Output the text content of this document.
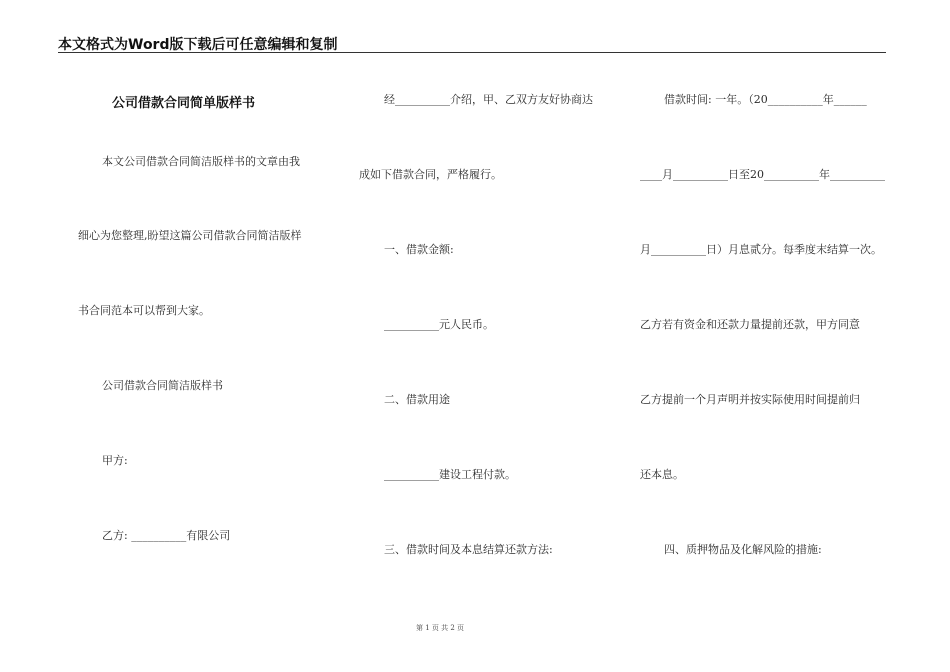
本文格式为Word版下载后可任意编辑和复制
公司借款合同简单版样书
本文公司借款合同简洁版样书的文章由我
细心为您整理,盼望这篇公司借款合同简洁版样
书合同范本可以帮到大家。
公司借款合同简洁版样书
甲方:
乙方: __________有限公司
经__________介绍，甲、乙双方友好协商达
成如下借款合同，严格履行。
一、借款金额:
__________元人民币。
二、借款用途
__________建设工程付款。
三、借款时间及本息结算还款方法:
借款时间: 一年。（20__________年______
____月__________日至20__________年__________
月__________日）月息贰分。每季度末结算一次。
乙方若有资金和还款力量提前还款，甲方同意
乙方提前一个月声明并按实际使用时间提前归
还本息。
四、质押物品及化解风险的措施:
第 1 页 共 2 页
